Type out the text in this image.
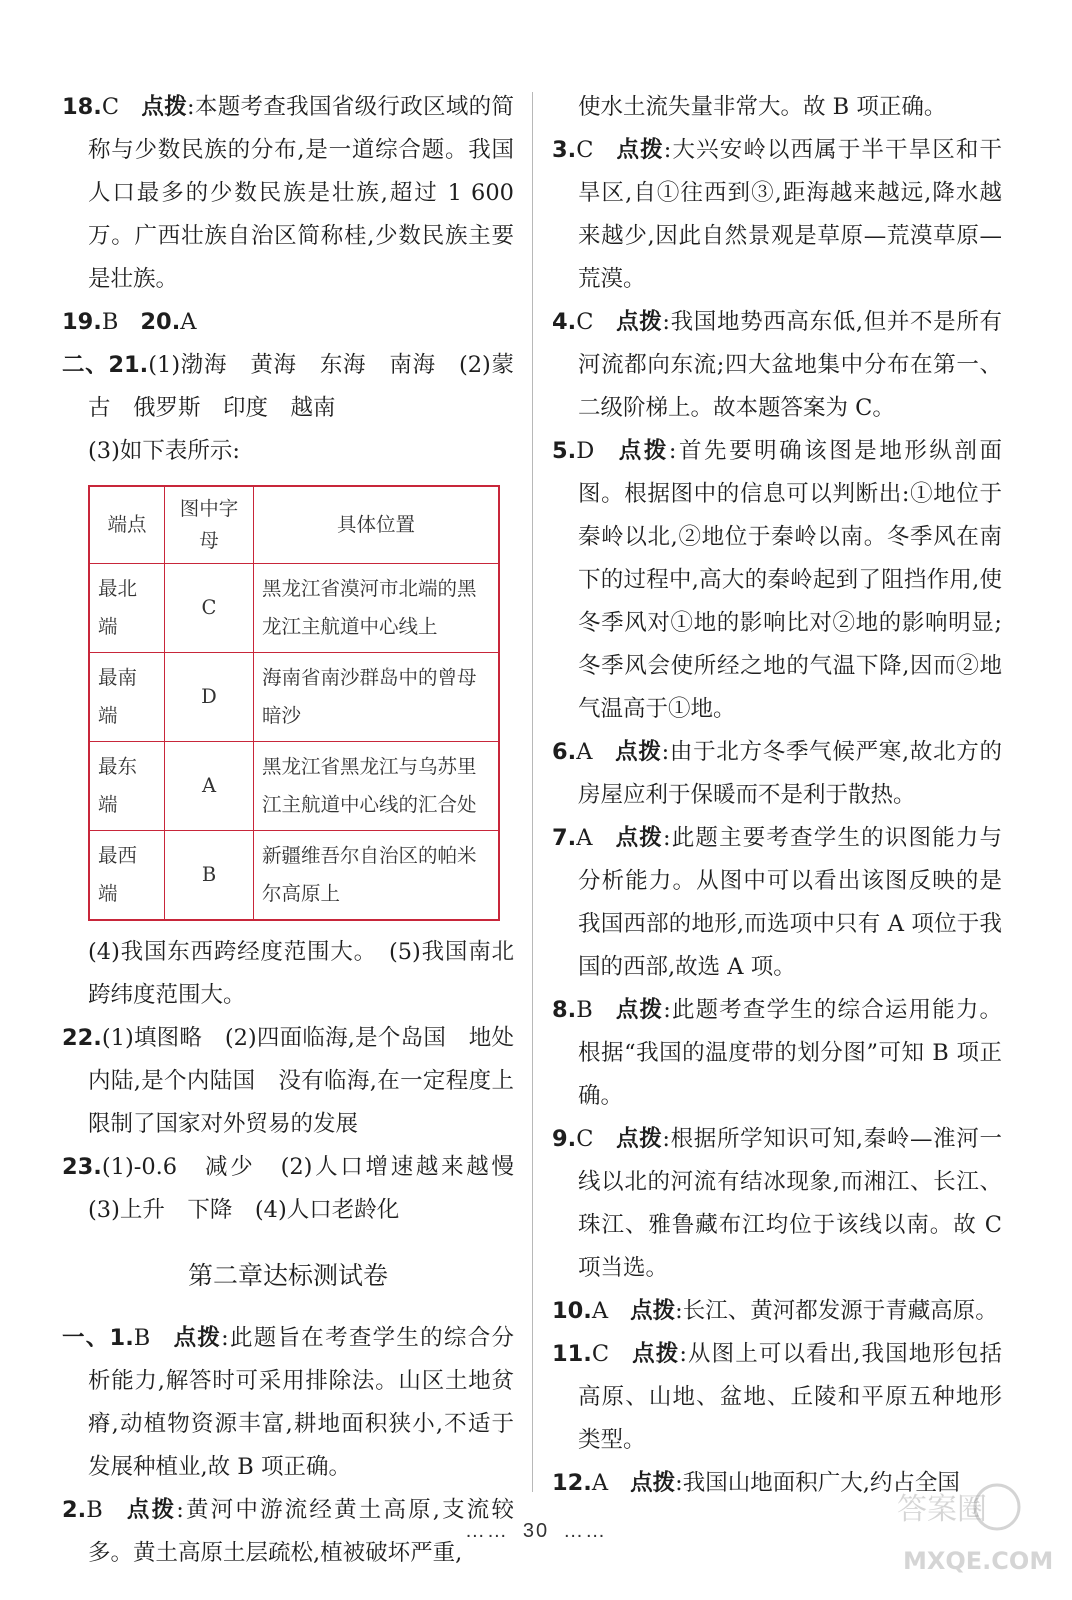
18.C 点拨:本题考查我国省级行政区域的简称与少数民族的分布,是一道综合题。我国人口最多的少数民族是壮族,超过 1 600 万。广西壮族自治区简称桂,少数民族主要是壮族。
19.B 20.A
二、21.(1)渤海　黄海　东海　南海　(2)蒙古　俄罗斯　印度　越南
(3)如下表所示:
端点	图中字母	具体位置
最北端	C	黑龙江省漠河市北端的黑龙江主航道中心线上
最南端	D	海南省南沙群岛中的曾母暗沙
最东端	A	黑龙江省黑龙江与乌苏里江主航道中心线的汇合处
最西端	B	新疆维吾尔自治区的帕米尔高原上
(4)我国东西跨经度范围大。　(5)我国南北跨纬度范围大。
22.(1)填图略　(2)四面临海,是个岛国　地处内陆,是个内陆国　没有临海,在一定程度上限制了国家对外贸易的发展
23.(1)-0.6　减少　(2)人口增速越来越慢　(3)上升　下降　(4)人口老龄化
第二章达标测试卷
一、1.B 点拨:此题旨在考查学生的综合分析能力,解答时可采用排除法。山区土地贫瘠,动植物资源丰富,耕地面积狭小,不适于发展种植业,故 B 项正确。
2.B 点拨:黄河中游流经黄土高原,支流较多。黄土高原土层疏松,植被破坏严重,
使水土流失量非常大。故 B 项正确。
3.C 点拨:大兴安岭以西属于半干旱区和干旱区,自①往西到③,距海越来越远,降水越来越少,因此自然景观是草原—荒漠草原—荒漠。
4.C 点拨:我国地势西高东低,但并不是所有河流都向东流;四大盆地集中分布在第一、二级阶梯上。故本题答案为 C。
5.D 点拨:首先要明确该图是地形纵剖面图。根据图中的信息可以判断出:①地位于秦岭以北,②地位于秦岭以南。冬季风在南下的过程中,高大的秦岭起到了阻挡作用,使冬季风对①地的影响比对②地的影响明显;冬季风会使所经之地的气温下降,因而②地气温高于①地。
6.A 点拨:由于北方冬季气候严寒,故北方的房屋应利于保暖而不是利于散热。
7.A 点拨:此题主要考查学生的识图能力与分析能力。从图中可以看出该图反映的是我国西部的地形,而选项中只有 A 项位于我国的西部,故选 A 项。
8.B 点拨:此题考查学生的综合运用能力。根据“我国的温度带的划分图”可知 B 项正确。
9.C 点拨:根据所学知识可知,秦岭—淮河一线以北的河流有结冰现象,而湘江、长江、珠江、雅鲁藏布江均位于该线以南。故 C 项当选。
10.A 点拨:长江、黄河都发源于青藏高原。
11.C 点拨:从图上可以看出,我国地形包括高原、山地、盆地、丘陵和平原五种地形类型。
12.A 点拨:我国山地面积广大,约占全国
…… 30 ……
答案圈
MXQE.COM
